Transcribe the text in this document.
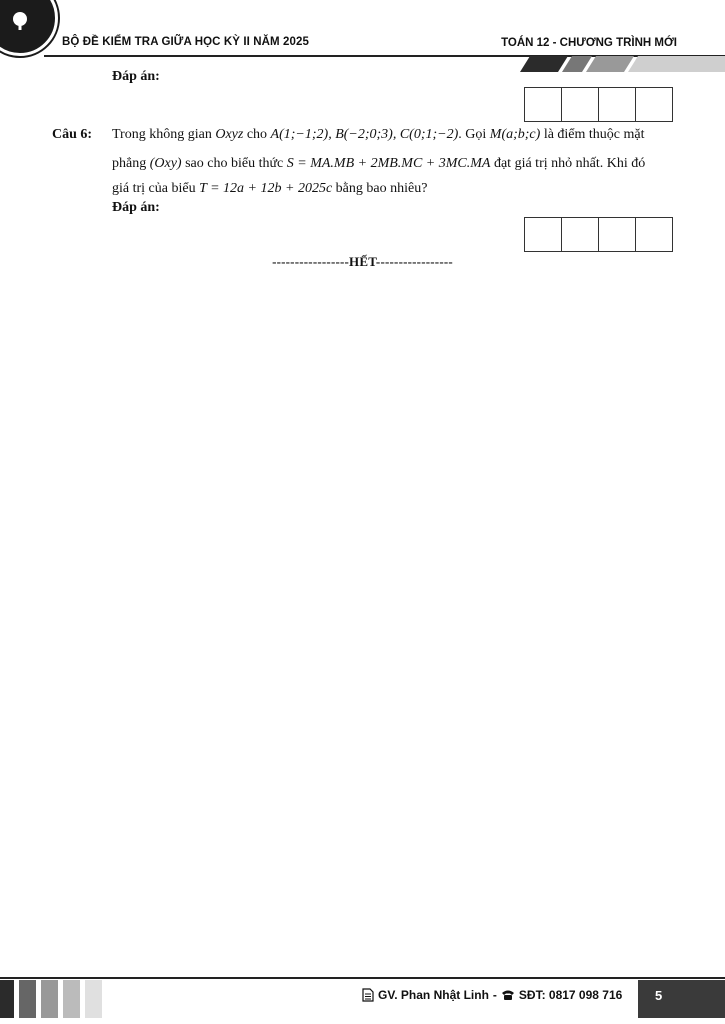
BỘ ĐỀ KIỂM TRA GIỮA HỌC KỲ II NĂM 2025	TOÁN 12 - CHƯƠNG TRÌNH MỚI
Đáp án:
Câu 6: Trong không gian Oxyz cho A(1;−1;2), B(−2;0;3), C(0;1;−2). Gọi M(a;b;c) là điểm thuộc mặt
phẳng (Oxy) sao cho biểu thức S = MA.MB + 2MB.MC + 3MC.MA đạt giá trị nhỏ nhất. Khi đó
giá trị của biểu T = 12a + 12b + 2025c bằng bao nhiêu?
Đáp án:
-----------------HẾT-----------------
GV. Phan Nhật Linh - SĐT: 0817 098 716	5
